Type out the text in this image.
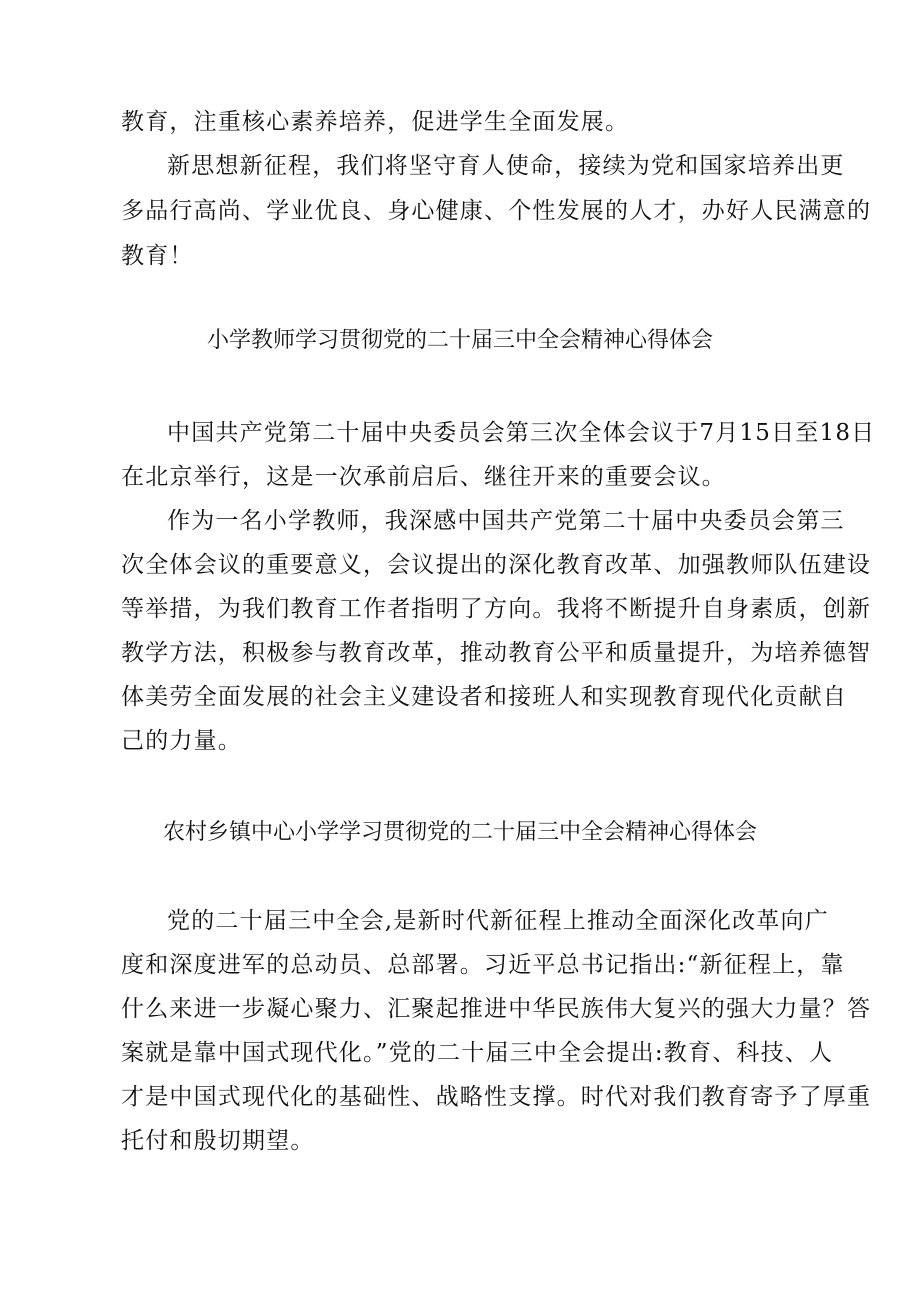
教育，注重核心素养培养，促进学生全面发展。
新思想新征程，我们将坚守育人使命，接续为党和国家培养出更
多品行高尚、学业优良、身心健康、个性发展的人才，办好人民满意的
教育！
小学教师学习贯彻党的二十届三中全会精神心得体会
中国共产党第二十届中央委员会第三次全体会议于7月15日至18日
在北京举行，这是一次承前启后、继往开来的重要会议。
作为一名小学教师，我深感中国共产党第二十届中央委员会第三
次全体会议的重要意义，会议提出的深化教育改革、加强教师队伍建设
等举措，为我们教育工作者指明了方向。我将不断提升自身素质，创新
教学方法，积极参与教育改革，推动教育公平和质量提升，为培养德智
体美劳全面发展的社会主义建设者和接班人和实现教育现代化贡献自
己的力量。
农村乡镇中心小学学习贯彻党的二十届三中全会精神心得体会
党的二十届三中全会,是新时代新征程上推动全面深化改革向广
度和深度进军的总动员、总部署。习近平总书记指出:“新征程上，靠
什么来进一步凝心聚力、汇聚起推进中华民族伟大复兴的强大力量？答
案就是靠中国式现代化。”党的二十届三中全会提出:教育、科技、人
才是中国式现代化的基础性、战略性支撑。时代对我们教育寄予了厚重
托付和殷切期望。
